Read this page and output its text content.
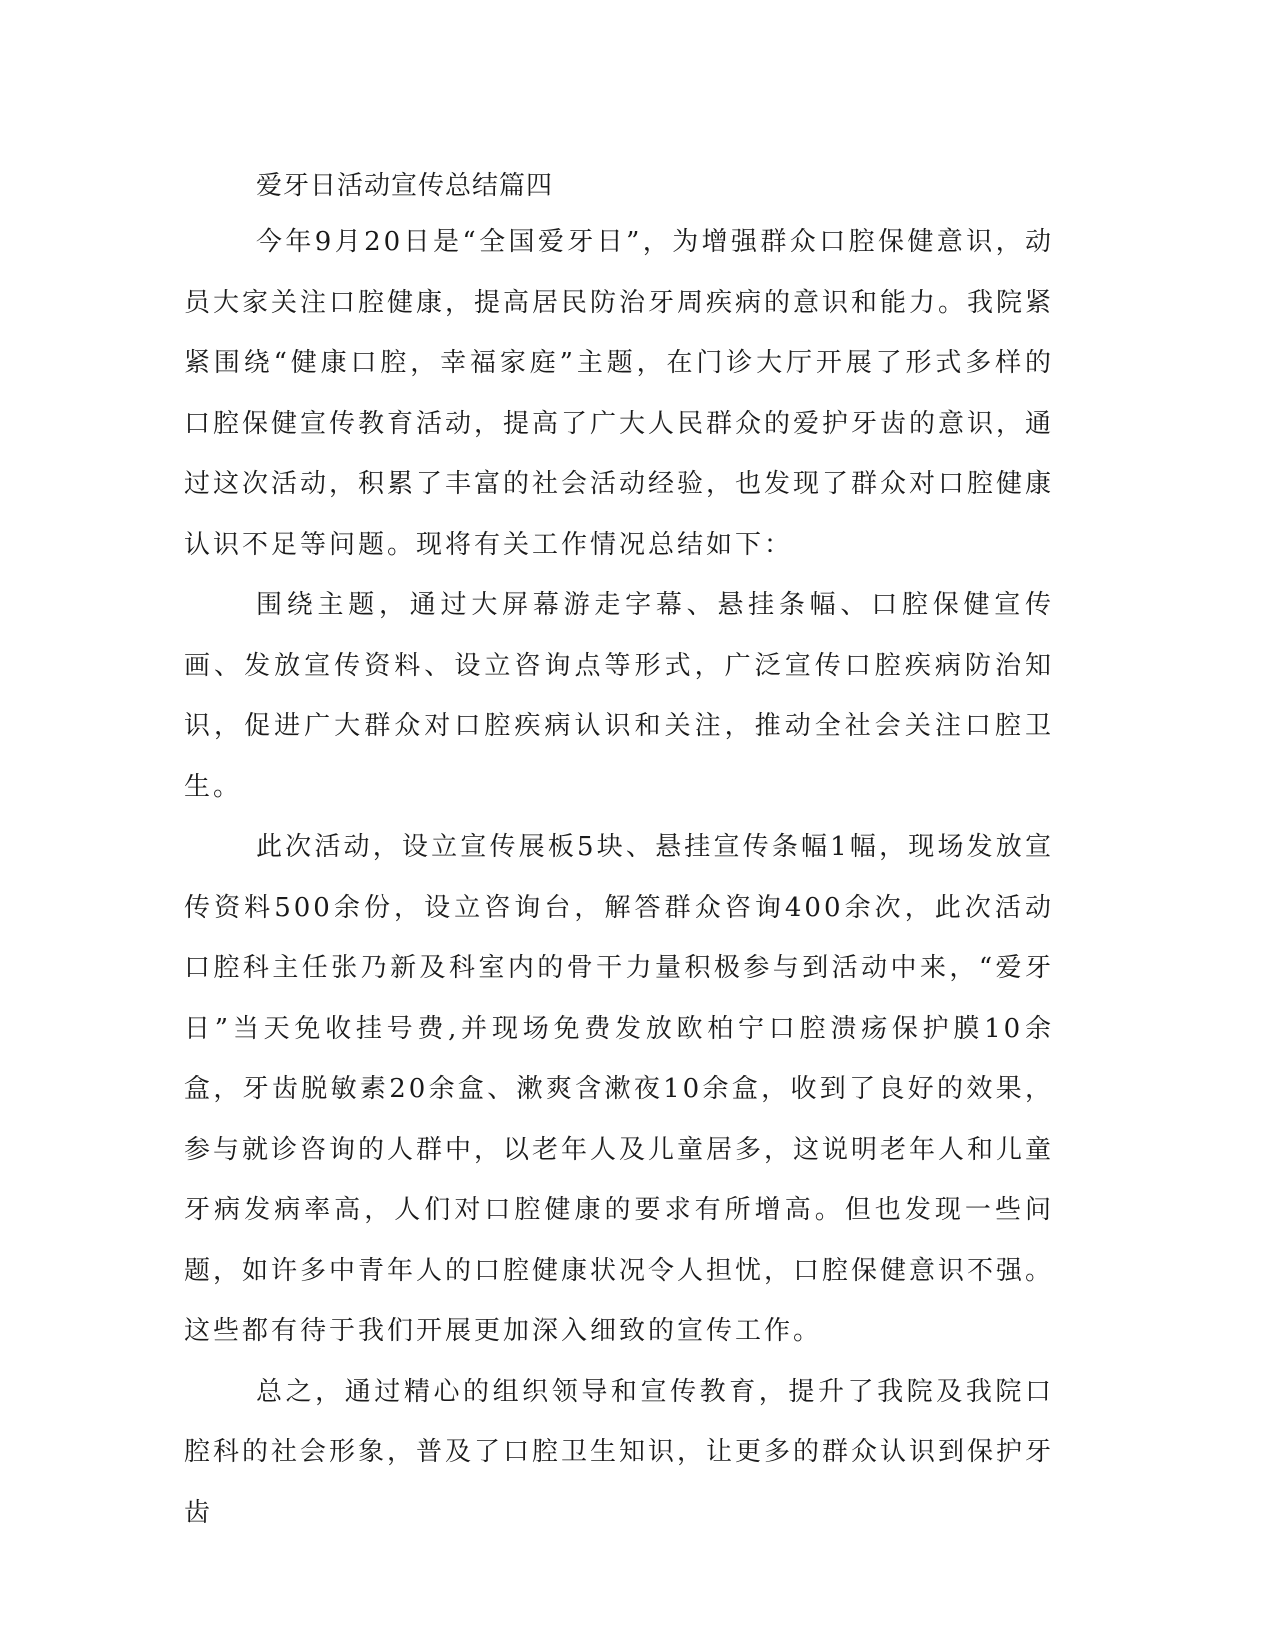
爱牙日活动宣传总结篇四

今年9月20日是“全国爱牙日”，为增强群众口腔保健意识，动员大家关注口腔健康，提高居民防治牙周疾病的意识和能力。我院紧紧围绕“健康口腔，幸福家庭”主题，在门诊大厅开展了形式多样的口腔保健宣传教育活动，提高了广大人民群众的爱护牙齿的意识，通过这次活动，积累了丰富的社会活动经验，也发现了群众对口腔健康认识不足等问题。现将有关工作情况总结如下：

围绕主题，通过大屏幕游走字幕、悬挂条幅、口腔保健宣传画、发放宣传资料、设立咨询点等形式，广泛宣传口腔疾病防治知识，促进广大群众对口腔疾病认识和关注，推动全社会关注口腔卫生。

此次活动，设立宣传展板5块、悬挂宣传条幅1幅，现场发放宣传资料500余份，设立咨询台，解答群众咨询400余次，此次活动口腔科主任张乃新及科室内的骨干力量积极参与到活动中来，“爱牙日”当天免收挂号费,并现场免费发放欧柏宁口腔溃疡保护膜10余盒，牙齿脱敏素20余盒、漱爽含漱夜10余盒，收到了良好的效果，参与就诊咨询的人群中，以老年人及儿童居多，这说明老年人和儿童牙病发病率高，人们对口腔健康的要求有所增高。但也发现一些问题，如许多中青年人的口腔健康状况令人担忧，口腔保健意识不强。这些都有待于我们开展更加深入细致的宣传工作。

总之，通过精心的组织领导和宣传教育，提升了我院及我院口腔科的社会形象，普及了口腔卫生知识，让更多的群众认识到保护牙齿
